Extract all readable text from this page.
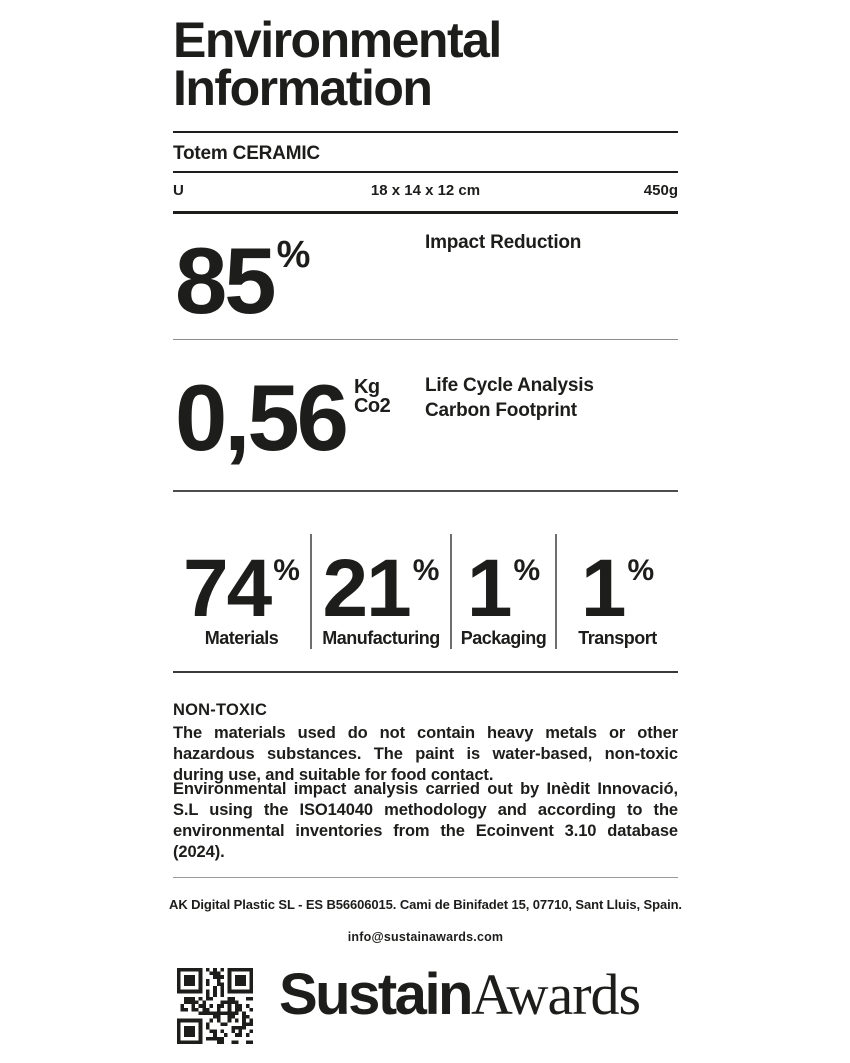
Environmental
Information
Totem CERAMIC
U	18 x 14 x 12 cm	450g
85%	Impact Reduction
0,56 Kg
Co2
Life Cycle Analysis
Carbon Footprint
74 %
Materials
21 %
Manufacturing
1 %
Packaging
1 %
Transport
NON-TOXIC
The materials used do not contain heavy metals or other hazardous substances. The paint is water-based, non-toxic during use, and suitable for food contact.
Environmental impact analysis carried out by Inèdit Innovació, S.L using the ISO14040 methodology and according to the environmental inventories from the Ecoinvent 3.10 database (2024).
AK Digital Plastic SL - ES B56606015. Cami de Binifadet 15, 07710, Sant Lluis, Spain.
info@sustainawards.com
SustainAwards
